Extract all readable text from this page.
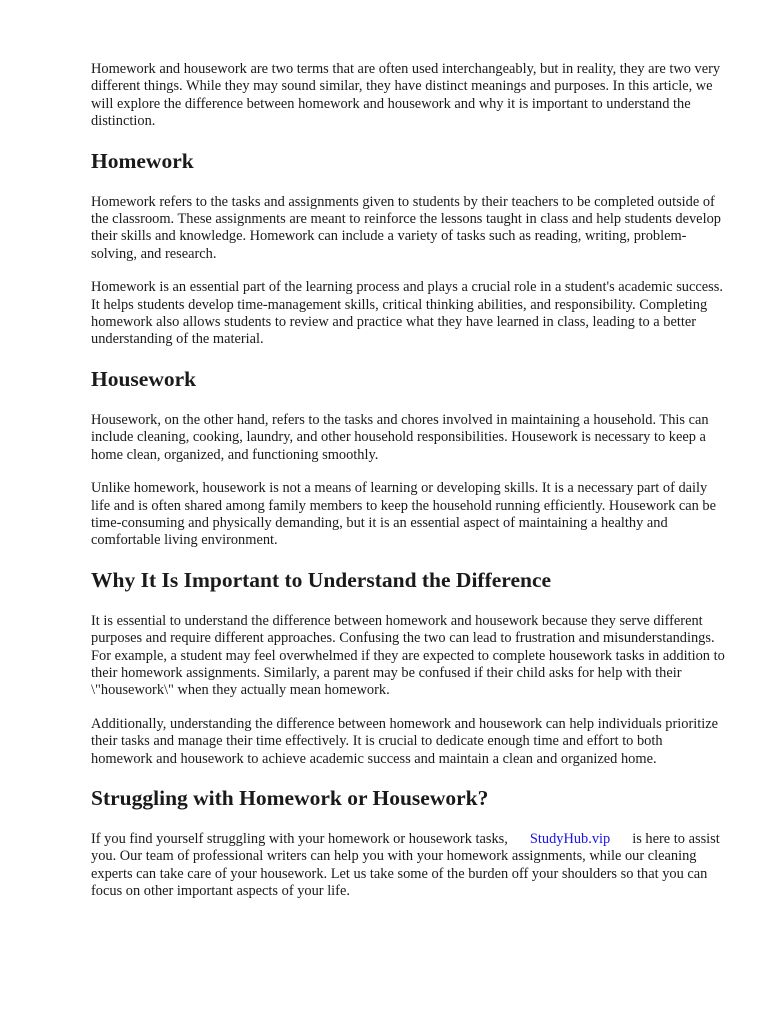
Homework and housework are two terms that are often used interchangeably, but in reality, they are two very different things. While they may sound similar, they have distinct meanings and purposes. In this article, we will explore the difference between homework and housework and why it is important to understand the distinction.

Homework

Homework refers to the tasks and assignments given to students by their teachers to be completed outside of the classroom. These assignments are meant to reinforce the lessons taught in class and help students develop their skills and knowledge. Homework can include a variety of tasks such as reading, writing, problem-solving, and research.

Homework is an essential part of the learning process and plays a crucial role in a student's academic success. It helps students develop time-management skills, critical thinking abilities, and responsibility. Completing homework also allows students to review and practice what they have learned in class, leading to a better understanding of the material.

Housework

Housework, on the other hand, refers to the tasks and chores involved in maintaining a household. This can include cleaning, cooking, laundry, and other household responsibilities. Housework is necessary to keep a home clean, organized, and functioning smoothly.

Unlike homework, housework is not a means of learning or developing skills. It is a necessary part of daily life and is often shared among family members to keep the household running efficiently. Housework can be time-consuming and physically demanding, but it is an essential aspect of maintaining a healthy and comfortable living environment.

Why It Is Important to Understand the Difference

It is essential to understand the difference between homework and housework because they serve different purposes and require different approaches. Confusing the two can lead to frustration and misunderstandings. For example, a student may feel overwhelmed if they are expected to complete housework tasks in addition to their homework assignments. Similarly, a parent may be confused if their child asks for help with their \"housework\" when they actually mean homework.

Additionally, understanding the difference between homework and housework can help individuals prioritize their tasks and manage their time effectively. It is crucial to dedicate enough time and effort to both homework and housework to achieve academic success and maintain a clean and organized home.

Struggling with Homework or Housework?

If you find yourself struggling with your homework or housework tasks, StudyHub.vip is here to assist you. Our team of professional writers can help you with your homework assignments, while our cleaning experts can take care of your housework. Let us take some of the burden off your shoulders so that you can focus on other important aspects of your life.
